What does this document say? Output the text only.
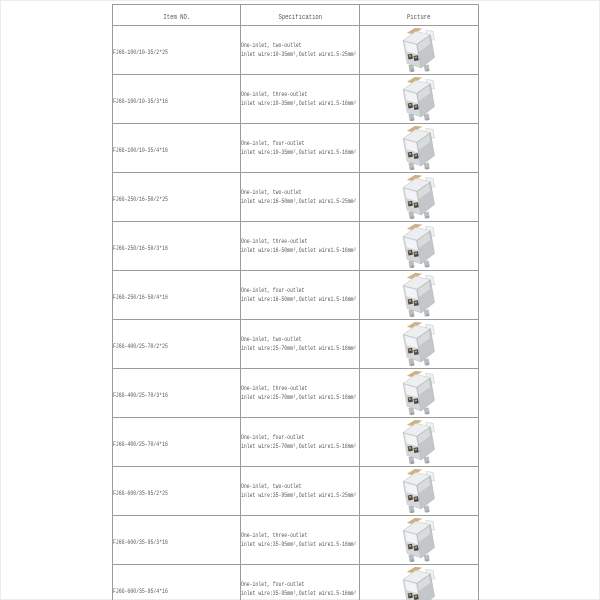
Item NO.	Specification	Picture
FJ6G-100/10-35/2*25	One-inlet, two-outlet
inlet wire:10-35mm²,Outlet wire1.5-25mm²

FJ6G-100/10-35/3*16	One-inlet, three-outlet
inlet wire:10-35mm²,Outlet wire1.5-16mm²

FJ6G-100/10-35/4*16	One-inlet, four-outlet
inlet wire:10-35mm²,Outlet wire1.5-16mm²

FJ6G-250/16-50/2*25	One-inlet, two-outlet
inlet wire:16-50mm²,Outlet wire1.5-25mm²

FJ6G-250/16-50/3*16	One-inlet, three-outlet
inlet wire:16-50mm²,Outlet wire1.5-16mm²

FJ6G-250/16-50/4*16	One-inlet, four-outlet
inlet wire:16-50mm²,Outlet wire1.5-16mm²

FJ6G-400/25-70/2*25	One-inlet, two-outlet
inlet wire:25-70mm²,Outlet wire1.5-16mm²

FJ6G-400/25-70/3*16	One-inlet, three-outlet
inlet wire:25-70mm²,Outlet wire1.5-16mm²

FJ6G-400/25-70/4*16	One-inlet, four-outlet
inlet wire:25-70mm²,Outlet wire1.5-16mm²

FJ6G-600/35-95/2*25	One-inlet, two-outlet
inlet wire:35-95mm²,Outlet wire1.5-25mm²

FJ6G-600/35-95/3*16	One-inlet, three-outlet
inlet wire:35-95mm²,Outlet wire1.5-16mm²

FJ6G-600/35-95/4*16	One-inlet, four-outlet
inlet wire:35-95mm²,Outlet wire1.5-16mm²
